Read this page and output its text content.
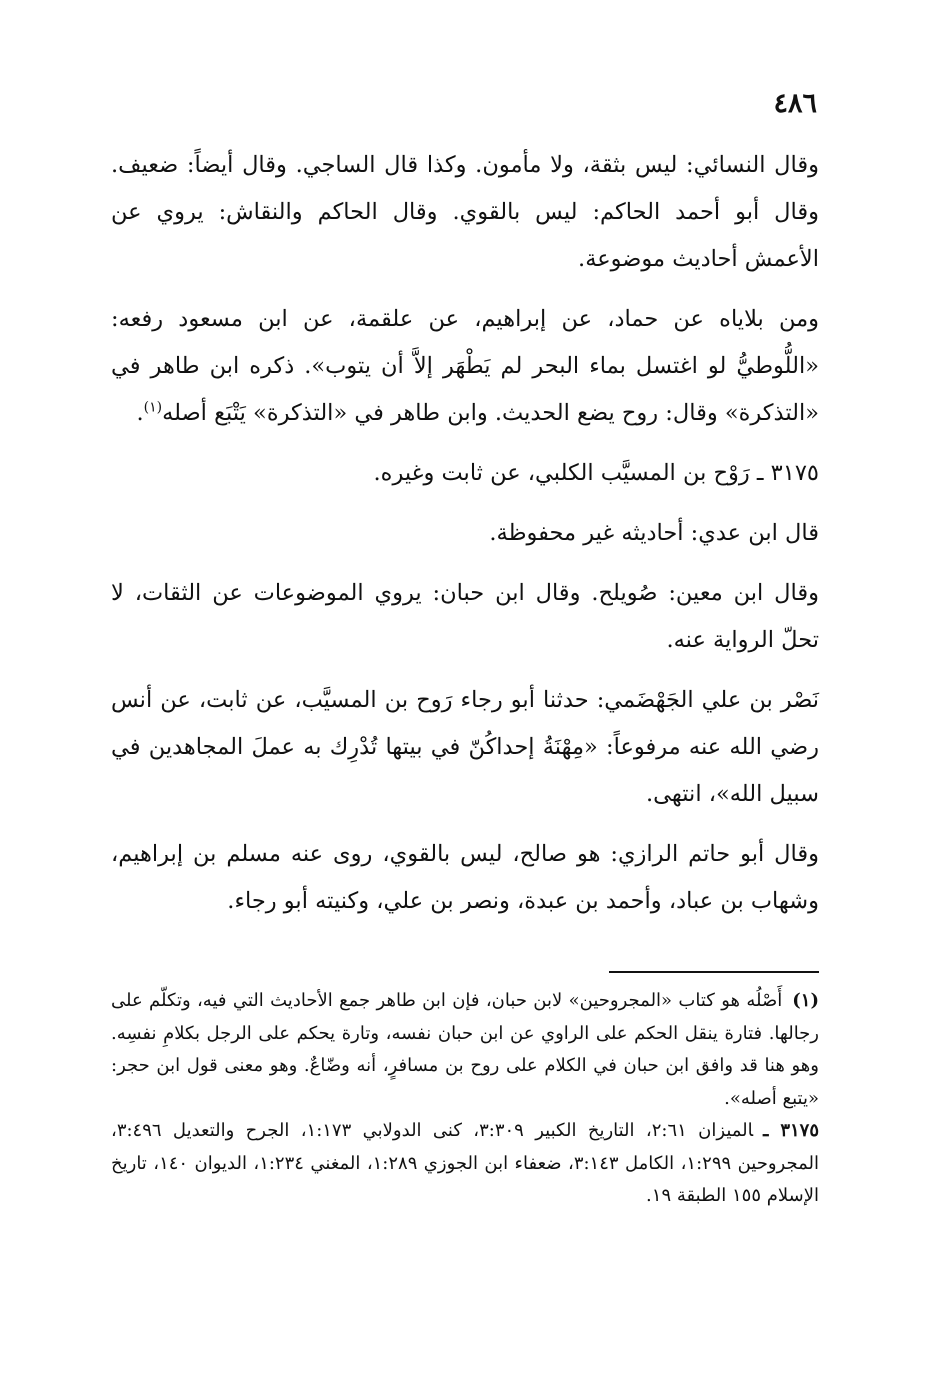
٤٨٦

وقال النسائي: ليس بثقة، ولا مأمون. وكذا قال الساجي. وقال أيضاً: ضعيف. وقال أبو أحمد الحاكم: ليس بالقوي. وقال الحاكم والنقاش: يروي عن الأعمش أحاديث موضوعة.

ومن بلاياه عن حماد، عن إبراهيم، عن علقمة، عن ابن مسعود رفعه: «اللُّوطيُّ لو اغتسل بماء البحر لم يَطْهَر إلاَّ أن يتوب». ذكره ابن طاهر في «التذكرة» وقال: روح يضع الحديث. وابن طاهر في «التذكرة» يَتْبَع أصله$^{(١)}$.

٣١٧٥ ـ رَوْح بن المسيَّب الكلبي، عن ثابت وغيره.

قال ابن عدي: أحاديثه غير محفوظة.

وقال ابن معين: صُويلح. وقال ابن حبان: يروي الموضوعات عن الثقات، لا تحلّ الرواية عنه.

نَصْر بن علي الجَهْضَمي: حدثنا أبو رجاء رَوح بن المسيَّب، عن ثابت، عن أنس رضي الله عنه مرفوعاً: «مِهْنَةُ إحداكُنّ في بيتها تُدْرِك به عملَ المجاهدين في سبيل الله»، انتهى.

وقال أبو حاتم الرازي: هو صالح، ليس بالقوي، روى عنه مسلم بن إبراهيم، وشهاب بن عباد، وأحمد بن عبدة، ونصر بن علي، وكنيته أبو رجاء.

(١)أَصْلُه هو كتاب «المجروحين» لابن حبان، فإن ابن طاهر جمع الأحاديث التي فيه، وتكلّم على رجالها. فتارة ينقل الحكم على الراوي عن ابن حبان نفسه، وتارة يحكم على الرجل بكلامِ نفسِه. وهو هنا قد وافق ابن حبان في الكلام على روح بن مسافرٍ، أنه وضّاعٌ. وهو معنى قول ابن حجر: «يتبع أصله».

٣١٧٥ ـالميزان ٢:٦١، التاريخ الكبير ٣:٣٠٩، كنى الدولابي ١:١٧٣، الجرح والتعديل ٣:٤٩٦، المجروحين ١:٢٩٩، الكامل ٣:١٤٣، ضعفاء ابن الجوزي ١:٢٨٩، المغني ١:٢٣٤، الديوان ١٤٠، تاريخ الإسلام ١٥٥ الطبقة ١٩.
